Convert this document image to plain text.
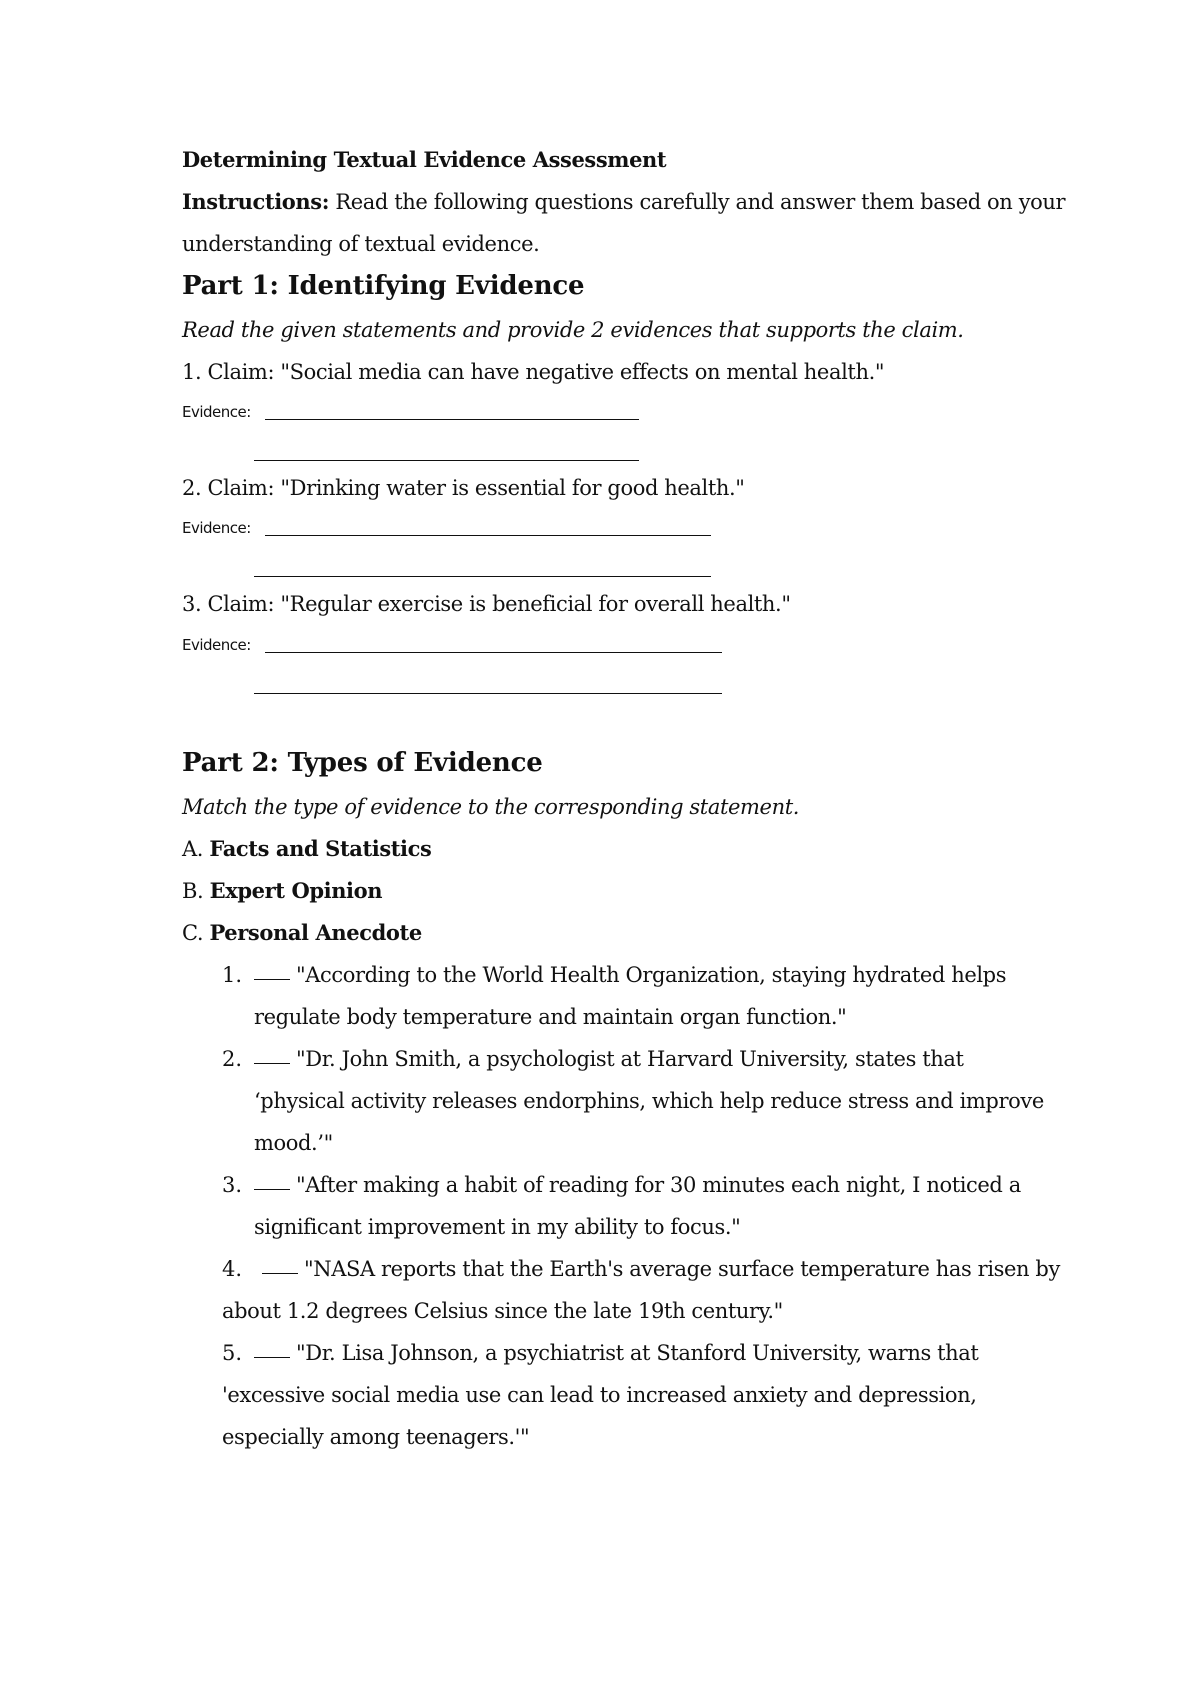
Determining Textual Evidence Assessment
Instructions: Read the following questions carefully and answer them based on your
understanding of textual evidence.
Part 1: Identifying Evidence
Read the given statements and provide 2 evidences that supports the claim.
1. Claim: "Social media can have negative effects on mental health."
Evidence:
2. Claim: "Drinking water is essential for good health."
Evidence:
3. Claim: "Regular exercise is beneficial for overall health."
Evidence:
Part 2: Types of Evidence
Match the type of evidence to the corresponding statement.
A. Facts and Statistics
B. Expert Opinion
C. Personal Anecdote
1.	"According to the World Health Organization, staying hydrated helps
regulate body temperature and maintain organ function."
2.	"Dr. John Smith, a psychologist at Harvard University, states that
‘physical activity releases endorphins, which help reduce stress and improve
mood.’"
3.	"After making a habit of reading for 30 minutes each night, I noticed a
significant improvement in my ability to focus."
4.	"NASA reports that the Earth's average surface temperature has risen by
about 1.2 degrees Celsius since the late 19th century."
5.	"Dr. Lisa Johnson, a psychiatrist at Stanford University, warns that
'excessive social media use can lead to increased anxiety and depression,
especially among teenagers.'"
